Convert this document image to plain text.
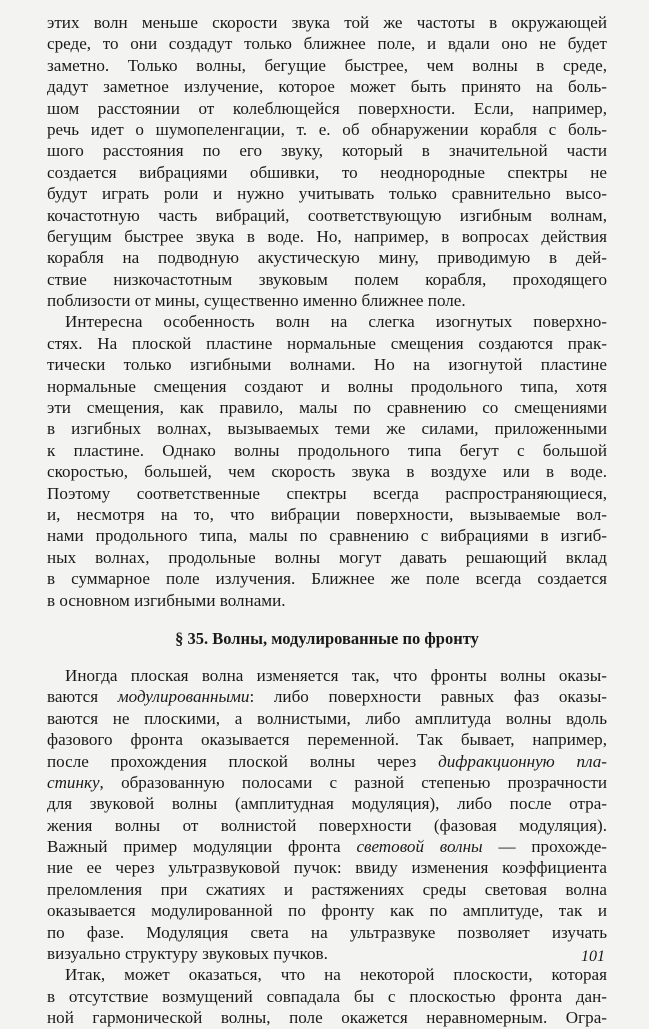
этих волн меньше скорости звука той же частоты в окружающей
среде, то они создадут только ближнее поле, и вдали оно не будет
заметно. Только волны, бегущие быстрее, чем волны в среде,
дадут заметное излучение, которое может быть принято на боль-
шом расстоянии от колеблющейся поверхности. Если, например,
речь идет о шумопеленгации, т. е. об обнаружении корабля с боль-
шого расстояния по его звуку, который в значительной части
создается вибрациями обшивки, то неоднородные спектры не
будут играть роли и нужно учитывать только сравнительно высо-
кочастотную часть вибраций, соответствующую изгибным волнам,
бегущим быстрее звука в воде. Но, например, в вопросах действия
корабля на подводную акустическую мину, приводимую в дей-
ствие низкочастотным звуковым полем корабля, проходящего
поблизости от мины, существенно именно ближнее поле.
Интересна особенность волн на слегка изогнутых поверхно-
стях. На плоской пластине нормальные смещения создаются прак-
тически только изгибными волнами. Но на изогнутой пластине
нормальные смещения создают и волны продольного типа, хотя
эти смещения, как правило, малы по сравнению со смещениями
в изгибных волнах, вызываемых теми же силами, приложенными
к пластине. Однако волны продольного типа бегут с большой
скоростью, большей, чем скорость звука в воздухе или в воде.
Поэтому соответственные спектры всегда распространяющиеся,
и, несмотря на то, что вибрации поверхности, вызываемые вол-
нами продольного типа, малы по сравнению с вибрациями в изгиб-
ных волнах, продольные волны могут давать решающий вклад
в суммарное поле излучения. Ближнее же поле всегда создается
в основном изгибными волнами.
§ 35. Волны, модулированные по фронту
Иногда плоская волна изменяется так, что фронты волны оказы-
ваются модулированными: либо поверхности равных фаз оказы-
ваются не плоскими, а волнистыми, либо амплитуда волны вдоль
фазового фронта оказывается переменной. Так бывает, например,
после прохождения плоской волны через дифракционную пла-
стинку, образованную полосами с разной степенью прозрачности
для звуковой волны (амплитудная модуляция), либо после отра-
жения волны от волнистой поверхности (фазовая модуляция).
Важный пример модуляции фронта световой волны — прохожде-
ние ее через ультразвуковой пучок: ввиду изменения коэффициента
преломления при сжатиях и растяжениях среды световая волна
оказывается модулированной по фронту как по амплитуде, так и
по фазе. Модуляция света на ультразвуке позволяет изучать
визуально структуру звуковых пучков.
Итак, может оказаться, что на некоторой плоскости, которая
в отсутствие возмущений совпадала бы с плоскостью фронта дан-
ной гармонической волны, поле окажется неравномерным. Огра-
101
